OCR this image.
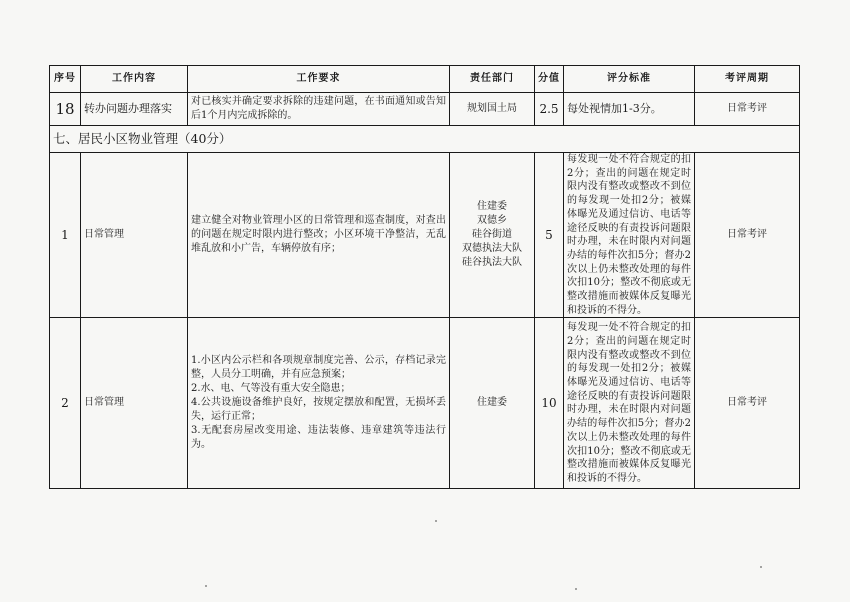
序号	工作内容	工作要求	责任部门	分值	评分标准	考评周期
18	转办问题办理落实	对已核实并确定要求拆除的违建问题，在书面通知或告知后1个月内完成拆除的。	规划国土局	2.5	每处视情加1-3分。	日常考评
七、居民小区物业管理（40分）						
1	日常管理	建立健全对物业管理小区的日常管理和巡查制度，对查出的问题在规定时限内进行整改；小区环境干净整洁，无乱堆乱放和小广告，车辆停放有序；	住建委
双德乡
硅谷街道
双德执法大队
硅谷执法大队	5	每发现一处不符合规定的扣2分；查出的问题在规定时限内没有整改或整改不到位的每发现一处扣2分；被媒体曝光及通过信访、电话等途径反映的有责投诉问题限时办理，未在时限内对问题办结的每件次扣5分；督办2次以上仍未整改处理的每件次扣10分；整改不彻底或无整改措施而被媒体反复曝光和投诉的不得分。	日常考评
2	日常管理	1.小区内公示栏和各项规章制度完善、公示，存档记录完整，人员分工明确，并有应急预案；
2.水、电、气等没有重大安全隐患；
4.公共设施设备维护良好，按规定摆放和配置，无损坏丢失，运行正常；
3.无配套房屋改变用途、违法装修、违章建筑等违法行为。	住建委	10	每发现一处不符合规定的扣2分；查出的问题在规定时限内没有整改或整改不到位的每发现一处扣2分；被媒体曝光及通过信访、电话等途径反映的有责投诉问题限时办理，未在时限内对问题办结的每件次扣5分；督办2次以上仍未整改处理的每件次扣10分；整改不彻底或无整改措施而被媒体反复曝光和投诉的不得分。	日常考评
